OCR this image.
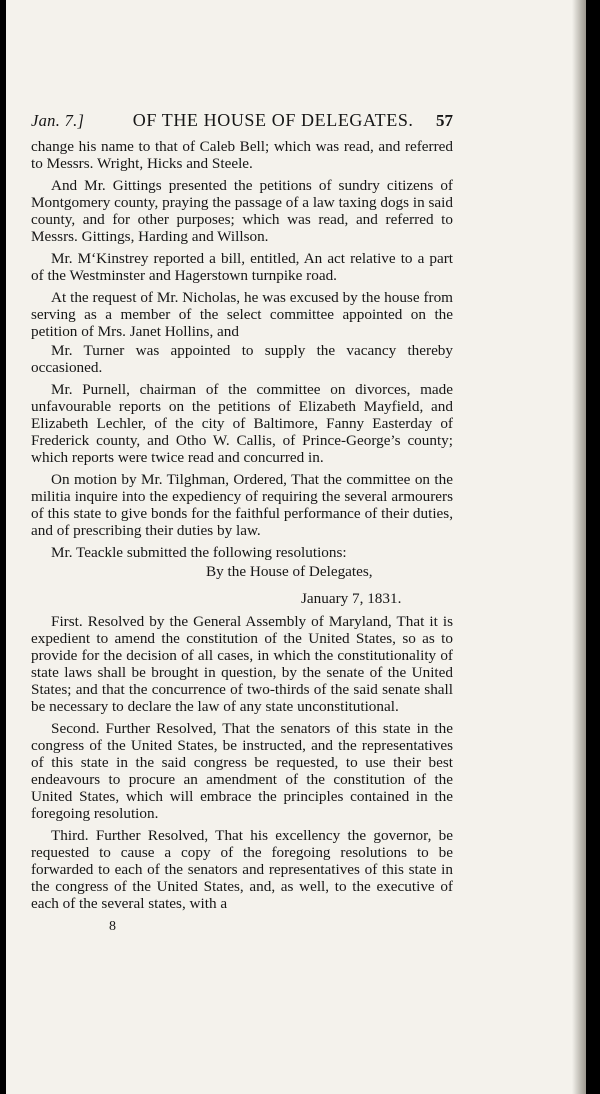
Jan. 7.]	OF THE HOUSE OF DELEGATES. 57

change his name to that of Caleb Bell; which was read, and referred to Messrs. Wright, Hicks and Steele.

And Mr. Gittings presented the petitions of sundry citizens of Montgomery county, praying the passage of a law taxing dogs in said county, and for other purposes; which was read, and referred to Messrs. Gittings, Harding and Willson.

Mr. M‘Kinstrey reported a bill, entitled, An act relative to a part of the Westminster and Hagerstown turnpike road.

At the request of Mr. Nicholas, he was excused by the house from serving as a member of the select committee appointed on the petition of Mrs. Janet Hollins, and

Mr. Turner was appointed to supply the vacancy thereby occasioned.

Mr. Purnell, chairman of the committee on divorces, made unfavourable reports on the petitions of Elizabeth Mayfield, and Elizabeth Lechler, of the city of Baltimore, Fanny Easterday of Frederick county, and Otho W. Callis, of Prince-George’s county; which reports were twice read and concurred in.

On motion by Mr. Tilghman, Ordered, That the committee on the militia inquire into the expediency of requiring the several armourers of this state to give bonds for the faithful performance of their duties, and of prescribing their duties by law.

Mr. Teackle submitted the following resolutions:

By the House of Delegates,
January 7, 1831.

First. Resolved by the General Assembly of Maryland, That it is expedient to amend the constitution of the United States, so as to provide for the decision of all cases, in which the constitutionality of state laws shall be brought in question, by the senate of the United States; and that the concurrence of two-thirds of the said senate shall be necessary to declare the law of any state unconstitutional.

Second. Further Resolved, That the senators of this state in the congress of the United States, be instructed, and the representatives of this state in the said congress be requested, to use their best endeavours to procure an amendment of the constitution of the United States, which will embrace the principles contained in the foregoing resolution.

Third. Further Resolved, That his excellency the governor, be requested to cause a copy of the foregoing resolutions to be forwarded to each of the senators and representatives of this state in the congress of the United States, and, as well, to the executive of each of the several states, with a

8
